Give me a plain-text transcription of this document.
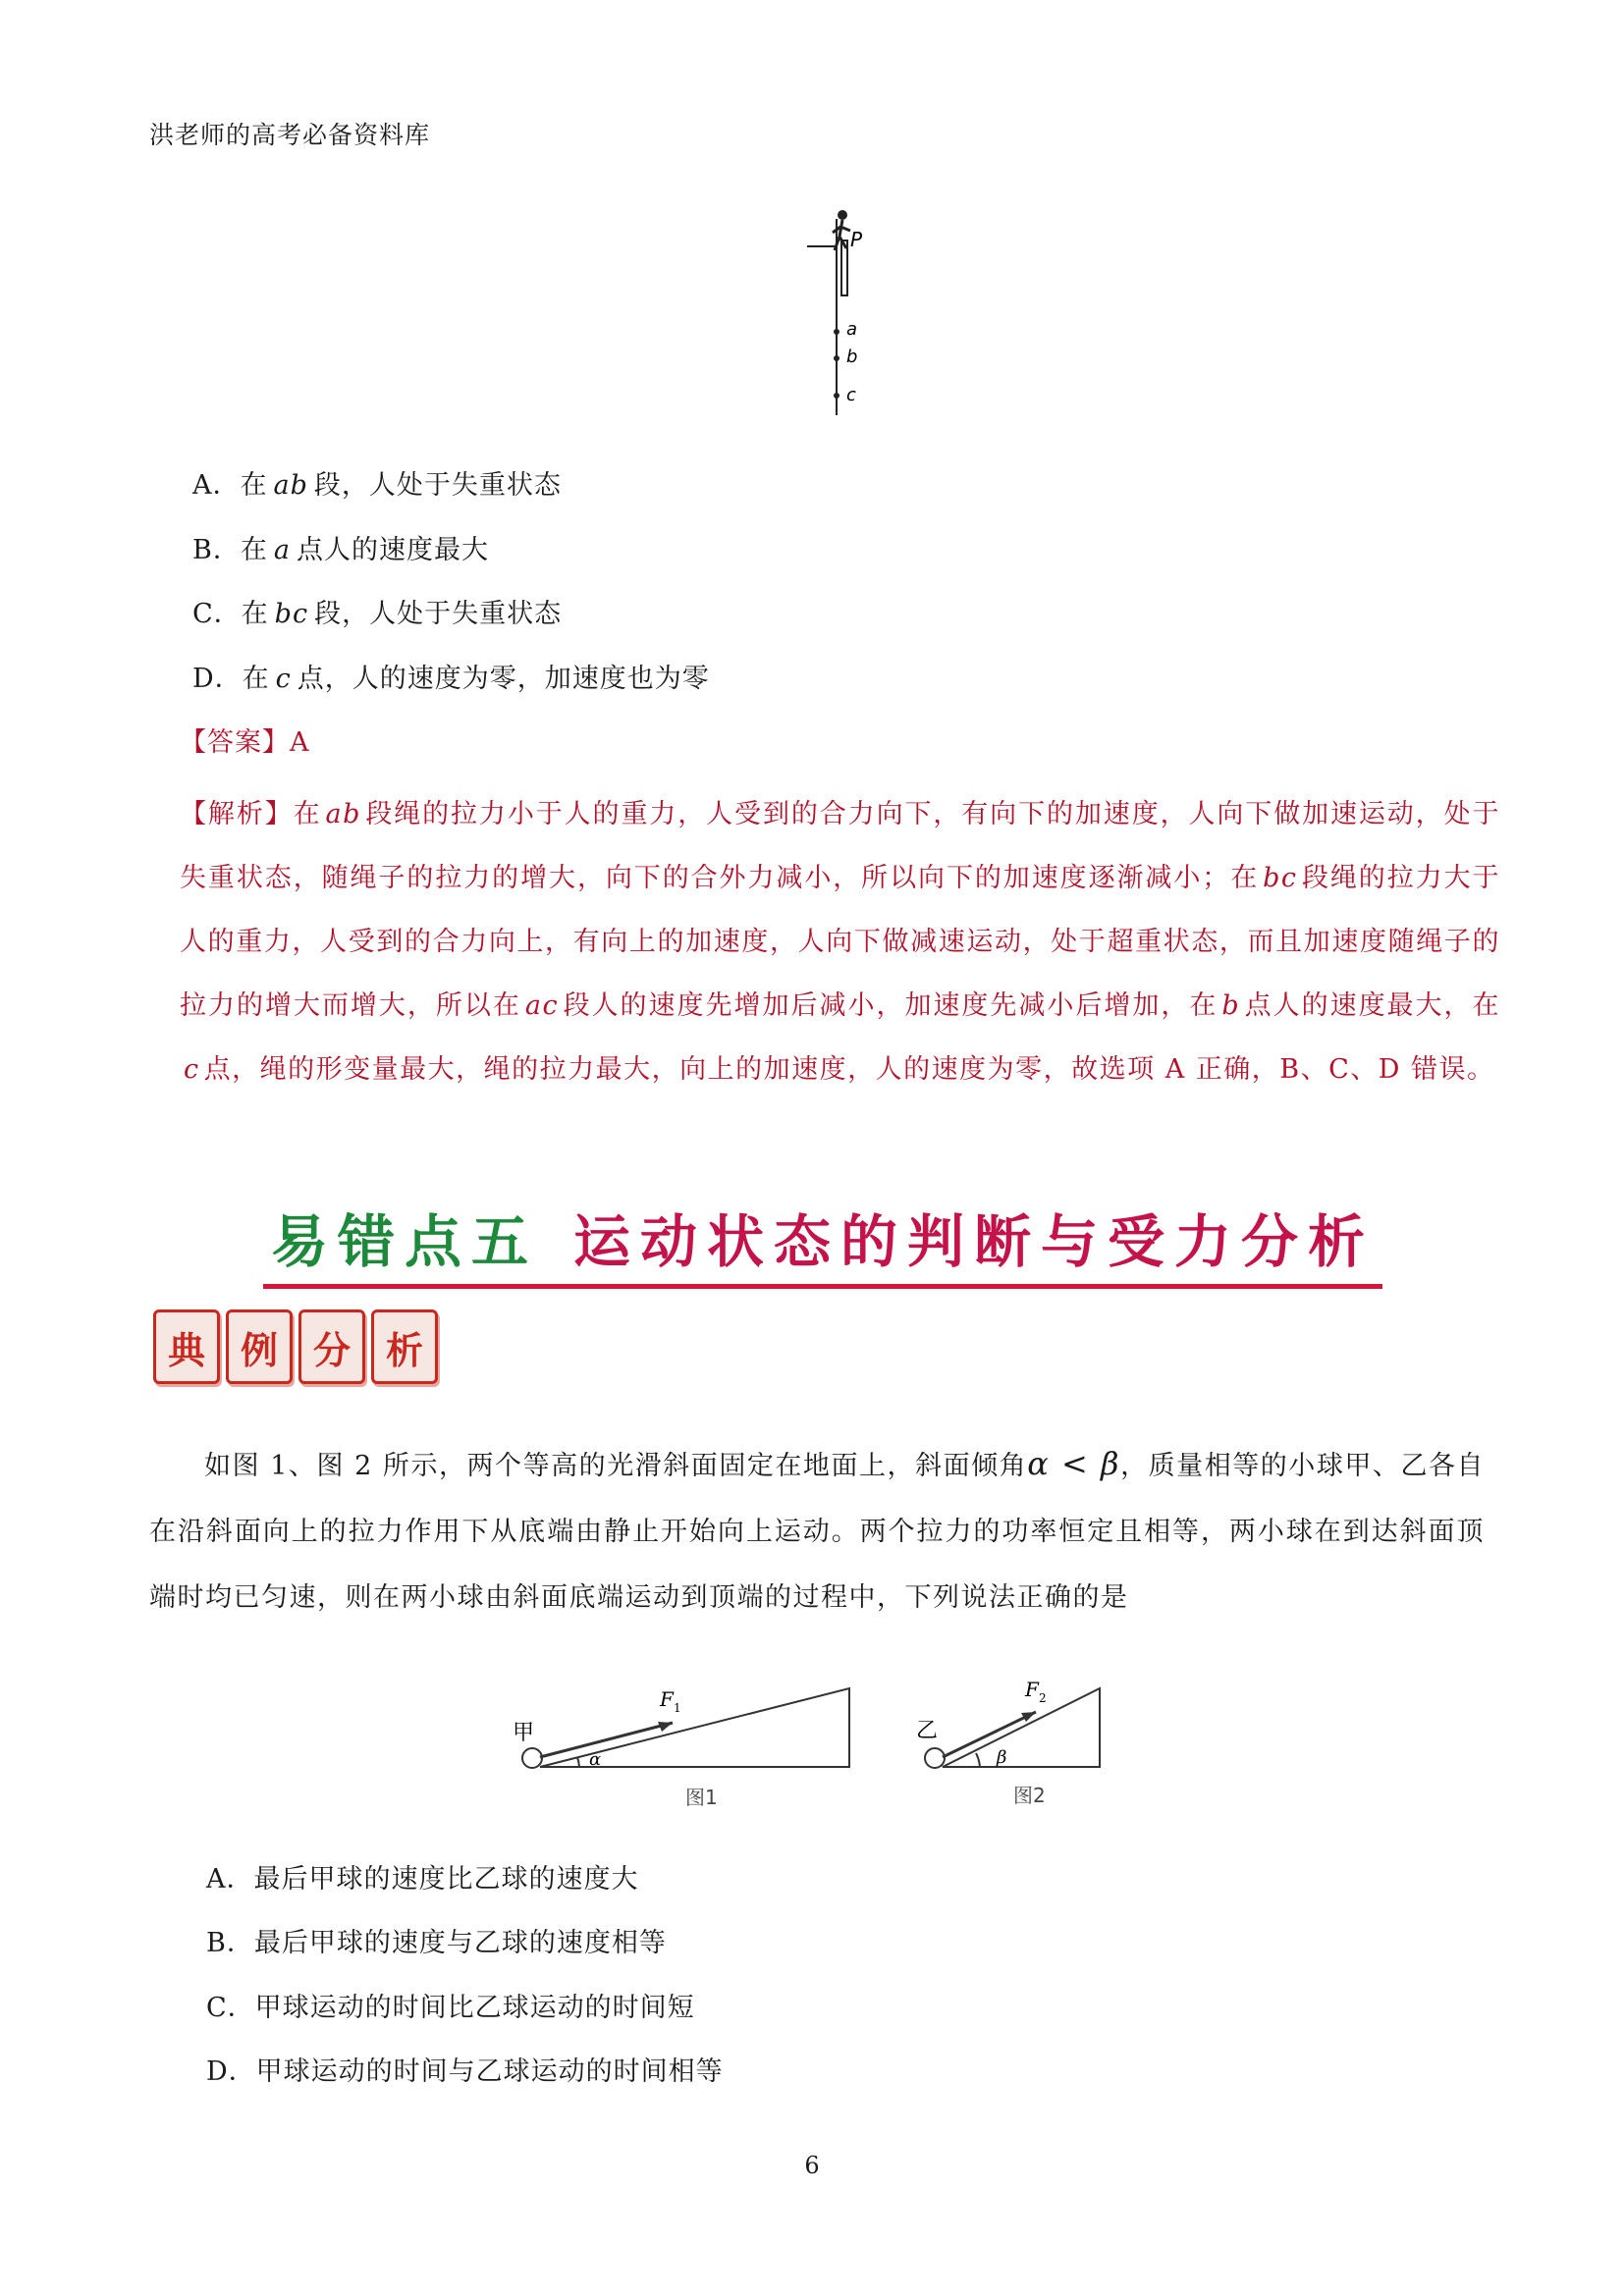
洪老师的高考必备资料库
P
a
b
c
A．在 ab 段，人处于失重状态
B．在 a 点人的速度最大
C．在 bc 段，人处于失重状态
D．在 c 点，人的速度为零，加速度也为零
【答案】A
【解析】在 ab 段绳的拉力小于人的重力，人受到的合力向下，有向下的加速度，人向下做加速运动，处于失重状态，随绳子的拉力的增大，向下的合外力减小，所以向下的加速度逐渐减小；在 bc 段绳的拉力大于人的重力，人受到的合力向上，有向上的加速度，人向下做减速运动，处于超重状态，而且加速度随绳子的拉力的增大而增大，所以在 ac 段人的速度先增加后减小，加速度先减小后增加，在 b 点人的速度最大，在c 点，绳的形变量最大，绳的拉力最大，向上的加速度，人的速度为零，故选项 A 正确，B、C、D 错误。
易错点五 运动状态的判断与受力分析
典 例 分 析
如图 1、图 2 所示，两个等高的光滑斜面固定在地面上，斜面倾角α < β，质量相等的小球甲、乙各自在沿斜面向上的拉力作用下从底端由静止开始向上运动。两个拉力的功率恒定且相等，两小球在到达斜面顶端时均已匀速，则在两小球由斜面底端运动到顶端的过程中，下列说法正确的是
甲
F 1
α
图1
乙
F 2
β
图2
A．最后甲球的速度比乙球的速度大
B．最后甲球的速度与乙球的速度相等
C．甲球运动的时间比乙球运动的时间短
D．甲球运动的时间与乙球运动的时间相等
6
